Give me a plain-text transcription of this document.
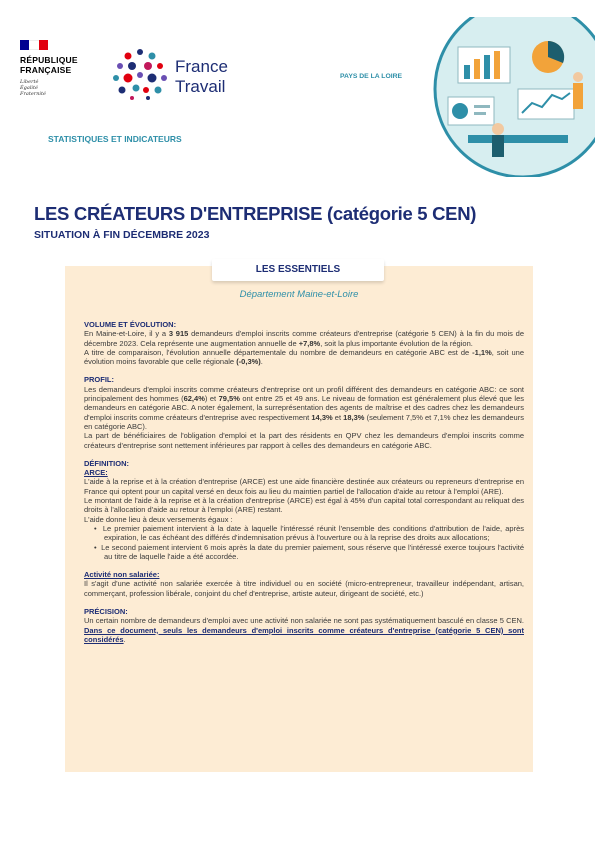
RÉPUBLIQUE
FRANÇAISE
Liberté
Égalité
Fraternité
France
Travail
PAYS DE LA LOIRE
STATISTIQUES ET INDICATEURS
LES CRÉATEURS D'ENTREPRISE (catégorie 5 CEN)
SITUATION À FIN DÉCEMBRE 2023
LES ESSENTIELS
Département Maine-et-Loire

VOLUME ET ÉVOLUTION:

En Maine-et-Loire, il y a 3 915 demandeurs d'emploi inscrits comme créateurs d'entreprise (catégorie 5 CEN) à la fin du mois de décembre 2023. Cela représente une augmentation annuelle de +7,8%, soit la plus importante évolution de la région.

A titre de comparaison, l'évolution annuelle départementale du nombre de demandeurs en catégorie ABC est de -1,1%, soit une évolution moins favorable que celle régionale (-0,3%).

PROFIL:

Les demandeurs d'emploi inscrits comme créateurs d'entreprise ont un profil différent des demandeurs en catégorie ABC: ce sont principalement des hommes (62,4%) et 79,5% ont entre 25 et 49 ans. Le niveau de formation est généralement plus élevé que les demandeurs en catégorie ABC. A noter également, la surreprésentation des agents de maîtrise et des cadres chez les demandeurs d'emploi inscrits comme créateurs d'entreprise avec respectivement 14,3% et 18,3% (seulement 7,5% et 7,1% chez les demandeurs en catégorie ABC).

La part de bénéficiaires de l'obligation d'emploi et la part des résidents en QPV chez les demandeurs d'emploi inscrits comme créateurs d'entreprise sont nettement inférieures par rapport à celles des demandeurs en catégorie ABC.

DÉFINITION:

ARCE:

L'aide à la reprise et à la création d'entreprise (ARCE) est une aide financière destinée aux créateurs ou repreneurs d'entreprise en France qui optent pour un capital versé en deux fois au lieu du maintien partiel de l'allocation d'aide au retour à l'emploi (ARE).

Le montant de l'aide à la reprise et à la création d'entreprise (ARCE) est égal à 45% d'un capital total correspondant au reliquat des droits à l'allocation d'aide au retour à l'emploi (ARE) restant.

L'aide donne lieu à deux versements égaux :

•  Le premier paiement intervient à la date à laquelle l'intéressé réunit l'ensemble des conditions d'attribution de l'aide, après expiration, le cas échéant des différés d'indemnisation prévus à l'ouverture ou à la reprise des droits aux allocations;

•  Le second paiement intervient 6 mois après la date du premier paiement, sous réserve que l'intéressé exerce toujours l'activité au titre de laquelle l'aide a été accordée.

Activité non salariée:

Il s'agit d'une activité non salariée exercée à titre individuel ou en société (micro-entrepreneur, travailleur indépendant, artisan, commerçant, profession libérale, conjoint du chef d'entreprise, artiste auteur, dirigeant de société, etc.)

PRÉCISION:

Un certain nombre de demandeurs d'emploi avec une activité non salariée ne sont pas systématiquement basculé en classe 5 CEN. Dans ce document, seuls les demandeurs d'emploi inscrits comme créateurs d'entreprise (catégorie 5 CEN) sont considérés.
